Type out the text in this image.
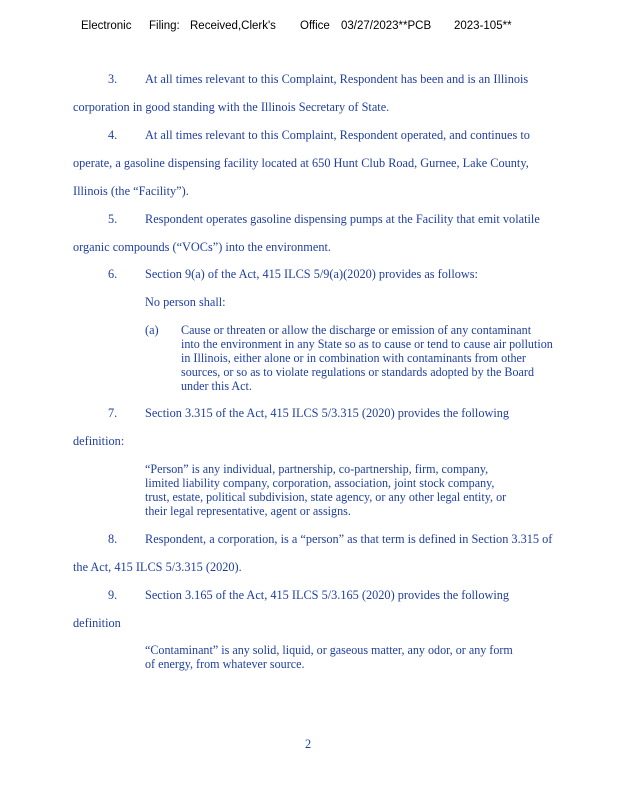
Electronic Filing: Received,Clerk's Office 03/27/2023**PCB 2023-105**
3. At all times relevant to this Complaint, Respondent has been and is an Illinois
corporation in good standing with the Illinois Secretary of State.
4. At all times relevant to this Complaint, Respondent operated, and continues to
operate, a gasoline dispensing facility located at 650 Hunt Club Road, Gurnee, Lake County,
Illinois (the “Facility”).
5. Respondent operates gasoline dispensing pumps at the Facility that emit volatile
organic compounds (“VOCs”) into the environment.
6. Section 9(a) of the Act, 415 ILCS 5/9(a)(2020) provides as follows:
No person shall:
(a) Cause or threaten or allow the discharge or emission of any contaminant
into the environment in any State so as to cause or tend to cause air pollution
in Illinois, either alone or in combination with contaminants from other
sources, or so as to violate regulations or standards adopted by the Board
under this Act.
7. Section 3.315 of the Act, 415 ILCS 5/3.315 (2020) provides the following
definition:
“Person” is any individual, partnership, co-partnership, firm, company,
limited liability company, corporation, association, joint stock company,
trust, estate, political subdivision, state agency, or any other legal entity, or
their legal representative, agent or assigns.
8. Respondent, a corporation, is a “person” as that term is defined in Section 3.315 of
the Act, 415 ILCS 5/3.315 (2020).
9. Section 3.165 of the Act, 415 ILCS 5/3.165 (2020) provides the following
definition
“Contaminant” is any solid, liquid, or gaseous matter, any odor, or any form
of energy, from whatever source.
2
